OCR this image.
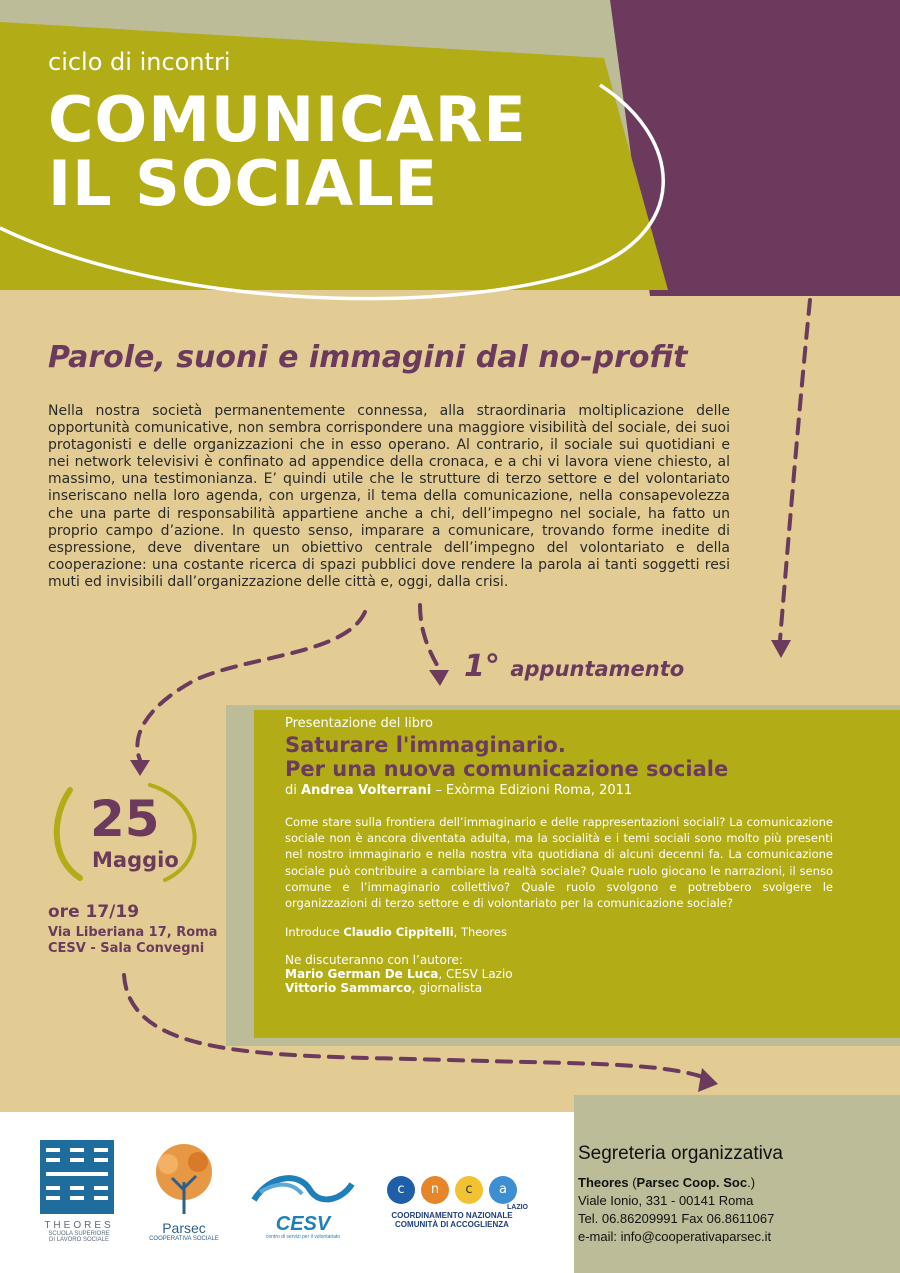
ciclo di incontri
COMUNICARE
IL SOCIALE
Parole, suoni e immagini dal no-profit
Nella nostra società permanentemente connessa, alla straordinaria moltiplicazione delle opportunità comunicative, non sembra corrispondere una maggiore visibilità del sociale, dei suoi protagonisti e delle organizzazioni che in esso operano. Al contrario, il sociale sui quotidiani e nei network televisivi è confinato ad appendice della cronaca, e a chi vi lavora viene chiesto, al massimo, una testimonianza. E’ quindi utile che le strutture di terzo settore e del volontariato inseriscano nella loro agenda, con urgenza, il tema della comunicazione, nella consapevolezza che una parte di responsabilità appartiene anche a chi, dell’impegno nel sociale, ha fatto un proprio campo d’azione. In questo senso, imparare a comunicare, trovando forme inedite di espressione, deve diventare un obiettivo centrale dell’impegno del volontariato e della cooperazione: una costante ricerca di spazi pubblici dove rendere la parola ai tanti soggetti resi muti ed invisibili dall’organizzazione delle città e, oggi, dalla crisi.
1° appuntamento
Presentazione del libro
Saturare l'immaginario.
Per una nuova comunicazione sociale
di Andrea Volterrani – Exòrma Edizioni Roma, 2011
Come stare sulla frontiera dell’immaginario e delle rappresentazioni sociali? La comunicazione sociale non è ancora diventata adulta, ma la socialità e i temi sociali sono molto più presenti nel nostro immaginario e nella nostra vita quotidiana di alcuni decenni fa. La comunicazione sociale può contribuire a cambiare la realtà sociale? Quale ruolo giocano le narrazioni, il senso comune e l’immaginario collettivo? Quale ruolo svolgono e potrebbero svolgere le organizzazioni di terzo settore e di volontariato per la comunicazione sociale?
Introduce Claudio Cippitelli, Theores
Ne discuteranno con l’autore:
Mario German De Luca, CESV Lazio
Vittorio Sammarco, giornalista
25
Maggio
ore 17/19
Via Liberiana 17, Roma
CESV - Sala Convegni
Segreteria organizzativa
Theores (Parsec Coop. Soc.)
Viale Ionio, 331 - 00141 Roma
Tel. 06.86209991 Fax 06.8611067
e-mail: info@cooperativaparsec.it
THEORES
SCUOLA SUPERIORE
DI LAVORO SOCIALE
Parsec
COOPERATIVA SOCIALE
CESV
centro di servizi per il volontariato
c	n	c	a
LAZIO
COORDINAMENTO NAZIONALE
COMUNITÀ DI ACCOGLIENZA
